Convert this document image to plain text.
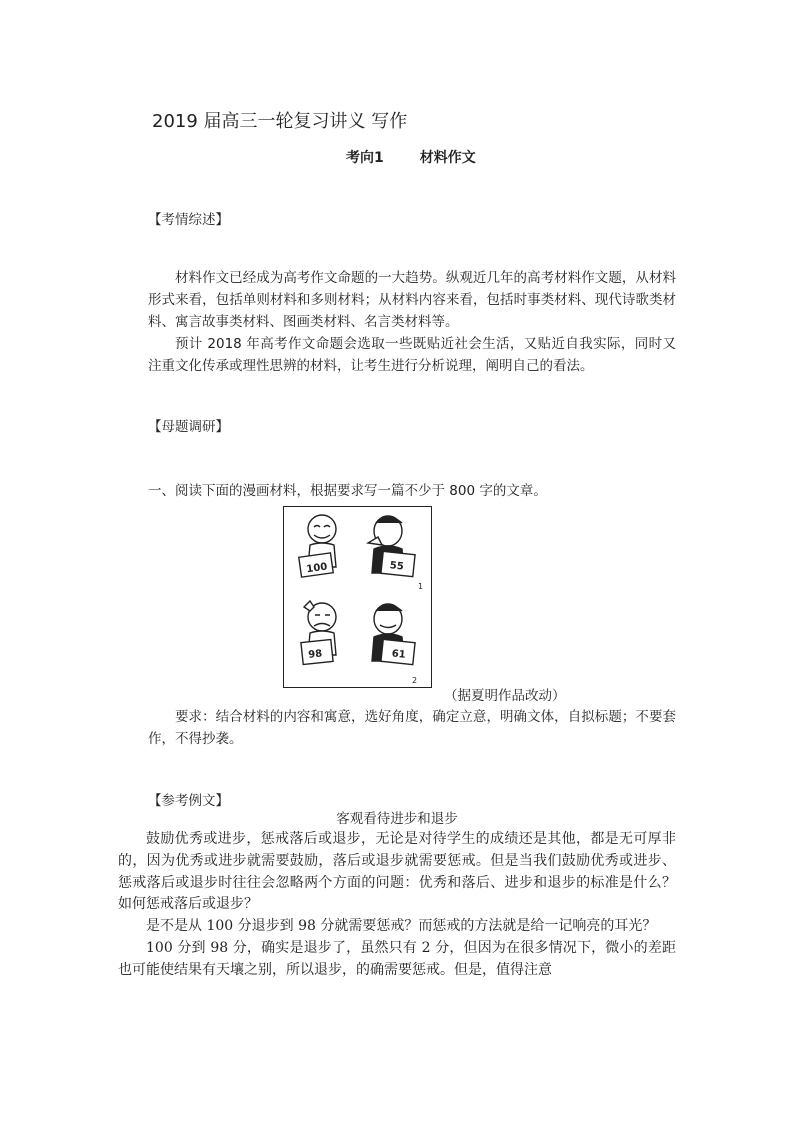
2019 届高三一轮复习讲义 写作
考向1	材料作文
【考情综述】

材料作文已经成为高考作文命题的一大趋势。纵观近几年的高考材料作文题，从材料形式来看，包括单则材料和多则材料；从材料内容来看，包括时事类材料、现代诗歌类材料、寓言故事类材料、图画类材料、名言类材料等。

预计 2018 年高考作文命题会选取一些既贴近社会生活，又贴近自我实际，同时又注重文化传承或理性思辨的材料，让考生进行分析说理，阐明自己的看法。

【母题调研】
一、阅读下面的漫画材料，根据要求写一篇不少于 800 字的文章。
100	55
1
98	61
2
（据夏明作品改动）

要求：结合材料的内容和寓意，选好角度，确定立意，明确文体，自拟标题；不要套作，不得抄袭。

【参考例文】
客观看待进步和退步

鼓励优秀或进步，惩戒落后或退步，无论是对待学生的成绩还是其他，都是无可厚非的，因为优秀或进步就需要鼓励，落后或退步就需要惩戒。但是当我们鼓励优秀或进步、惩戒落后或退步时往往会忽略两个方面的问题：优秀和落后、进步和退步的标准是什么？如何惩戒落后或退步？

是不是从 100 分退步到 98 分就需要惩戒？而惩戒的方法就是给一记响亮的耳光？

100 分到 98 分，确实是退步了，虽然只有 2 分，但因为在很多情况下，微小的差距也可能使结果有天壤之别，所以退步，的确需要惩戒。但是，值得注意
